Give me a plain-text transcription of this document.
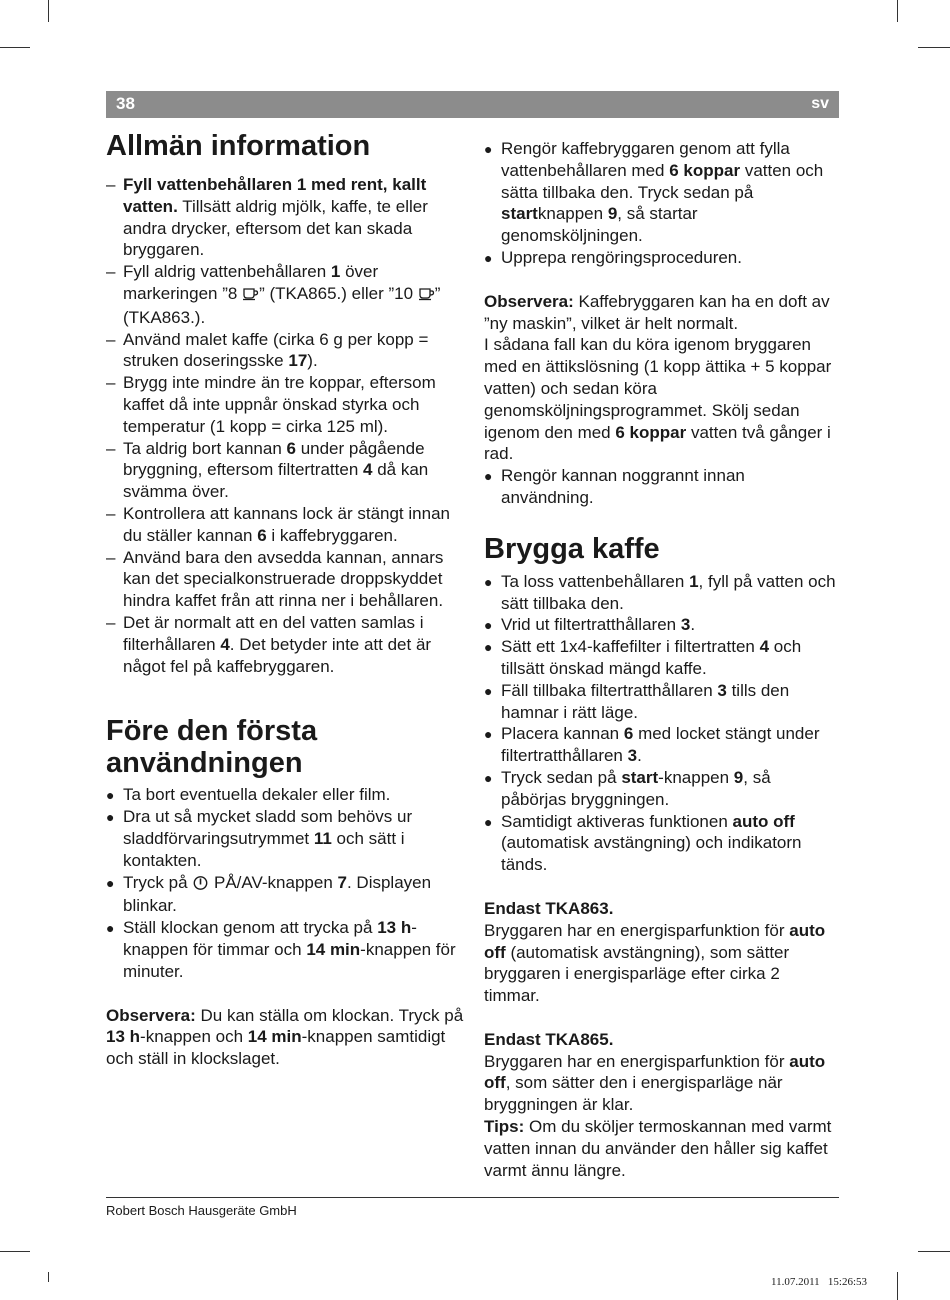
38	sv
Allmän information
– Fyll vattenbehållaren 1 med rent, kallt vatten. Tillsätt aldrig mjölk, kaffe, te eller andra drycker, eftersom det kan skada bryggaren.
– Fyll aldrig vattenbehållaren 1 över markeringen ”8 ” (TKA865.) eller ”10 ” (TKA863.).
– Använd malet kaffe (cirka 6 g per kopp = struken doseringsske 17).
– Brygg inte mindre än tre koppar, eftersom kaffet då inte uppnår önskad styrka och temperatur (1 kopp = cirka 125 ml).
– Ta aldrig bort kannan 6 under pågående bryggning, eftersom filtertratten 4 då kan svämma över.
– Kontrollera att kannans lock är stängt innan du ställer kannan 6 i kaffebryggaren.
– Använd bara den avsedda kannan, annars kan det specialkonstruerade droppskyddet hindra kaffet från att rinna ner i behållaren.
– Det är normalt att en del vatten samlas i filterhållaren 4. Det betyder inte att det är något fel på kaffebryggaren.
Före den första
användningen
● Ta bort eventuella dekaler eller film.
● Dra ut så mycket sladd som behövs ur sladdförvaringsutrymmet 11 och sätt i kontakten.
● Tryck på  PÅ/AV-knappen 7. Displayen blinkar.
● Ställ klockan genom att trycka på 13 h-knappen för timmar och 14 min-knappen för minuter.

Observera: Du kan ställa om klockan. Tryck på 13 h-knappen och 14 min-knappen samtidigt och ställ in klockslaget.

● Rengör kaffebryggaren genom att fylla vattenbehållaren med 6 koppar vatten och sätta tillbaka den. Tryck sedan på startknappen 9, så startar genomsköljningen.
● Upprepa rengöringsproceduren.

Observera: Kaffebryggaren kan ha en doft av ”ny maskin”, vilket är helt normalt.

I sådana fall kan du köra igenom bryggaren med en ättikslösning (1 kopp ättika + 5 koppar vatten) och sedan köra genomsköljningsprogrammet. Skölj sedan igenom den med 6 koppar vatten två gånger i rad.

● Rengör kannan noggrannt innan användning.
Brygga kaffe
● Ta loss vattenbehållaren 1, fyll på vatten och sätt tillbaka den.
● Vrid ut filtertratthållaren 3.
● Sätt ett 1x4-kaffefilter i filtertratten 4 och tillsätt önskad mängd kaffe.
● Fäll tillbaka filtertratthållaren 3 tills den hamnar i rätt läge.
● Placera kannan 6 med locket stängt under filtertratthållaren 3.
● Tryck sedan på start-knappen 9, så påbörjas bryggningen.
● Samtidigt aktiveras funktionen auto off (automatisk avstängning) och indikatorn tänds.

Endast TKA863.

Bryggaren har en energisparfunktion för auto off (automatisk avstängning), som sätter bryggaren i energisparläge efter cirka 2 timmar.

Endast TKA865.

Bryggaren har en energisparfunktion för auto off, som sätter den i energisparläge när bryggningen är klar.

Tips: Om du sköljer termoskannan med varmt vatten innan du använder den håller sig kaffet varmt ännu längre.

Robert Bosch Hausgeräte GmbH
11.07.2011   15:26:53
